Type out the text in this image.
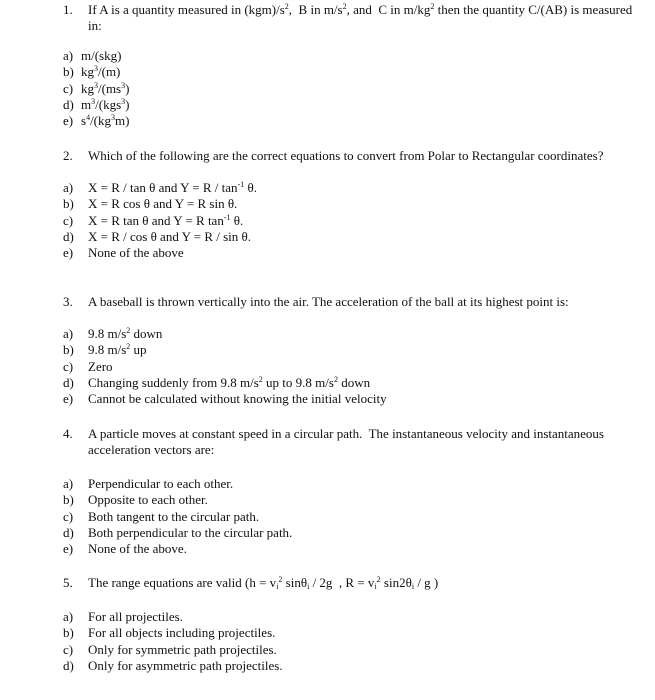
1. If A is a quantity measured in $(kgm)/s^2$,  B in $m/s^2$, and  C in $m/kg^2$ then the quantity C/(AB) is measured in:
a) m/(skg)
b) $kg^3/(m)$
c) $kg^3/(ms^3)$
d) $m^3/(kgs^3)$
e) $s^4/(kg^3m)$
2. Which of the following are the correct equations to convert from Polar to Rectangular coordinates?
a) X = R / tan θ and $Y = R / \tan^{-1} \theta$.
b) X = R cos θ and Y = R sin θ.
c) X = R tan θ and Y = R $\tan^{-1} \theta$.
d) X = R / cos θ and Y = R / sin θ.
e) None of the above
3. A baseball is thrown vertically into the air. The acceleration of the ball at its highest point is:
a) 9.8 $m/s^2$ down
b) 9.8 $m/s^2$ up
c) Zero
d) Changing suddenly from 9.8 $m/s^2$ up to 9.8 $m/s^2$ down
e) Cannot be calculated without knowing the initial velocity
4. A particle moves at constant speed in a circular path.  The instantaneous velocity and instantaneous acceleration vectors are:
a) Perpendicular to each other.
b) Opposite to each other.
c) Both tangent to the circular path.
d) Both perpendicular to the circular path.
e) None of the above.
5. The range equations are valid ($h = v_i^2$ sinθ$_i$ / 2g  , $R = v_i^2$ $\sin 2\theta_i$ / g )
a) For all projectiles.
b) For all objects including projectiles.
c) Only for symmetric path projectiles.
d) Only for asymmetric path projectiles.
